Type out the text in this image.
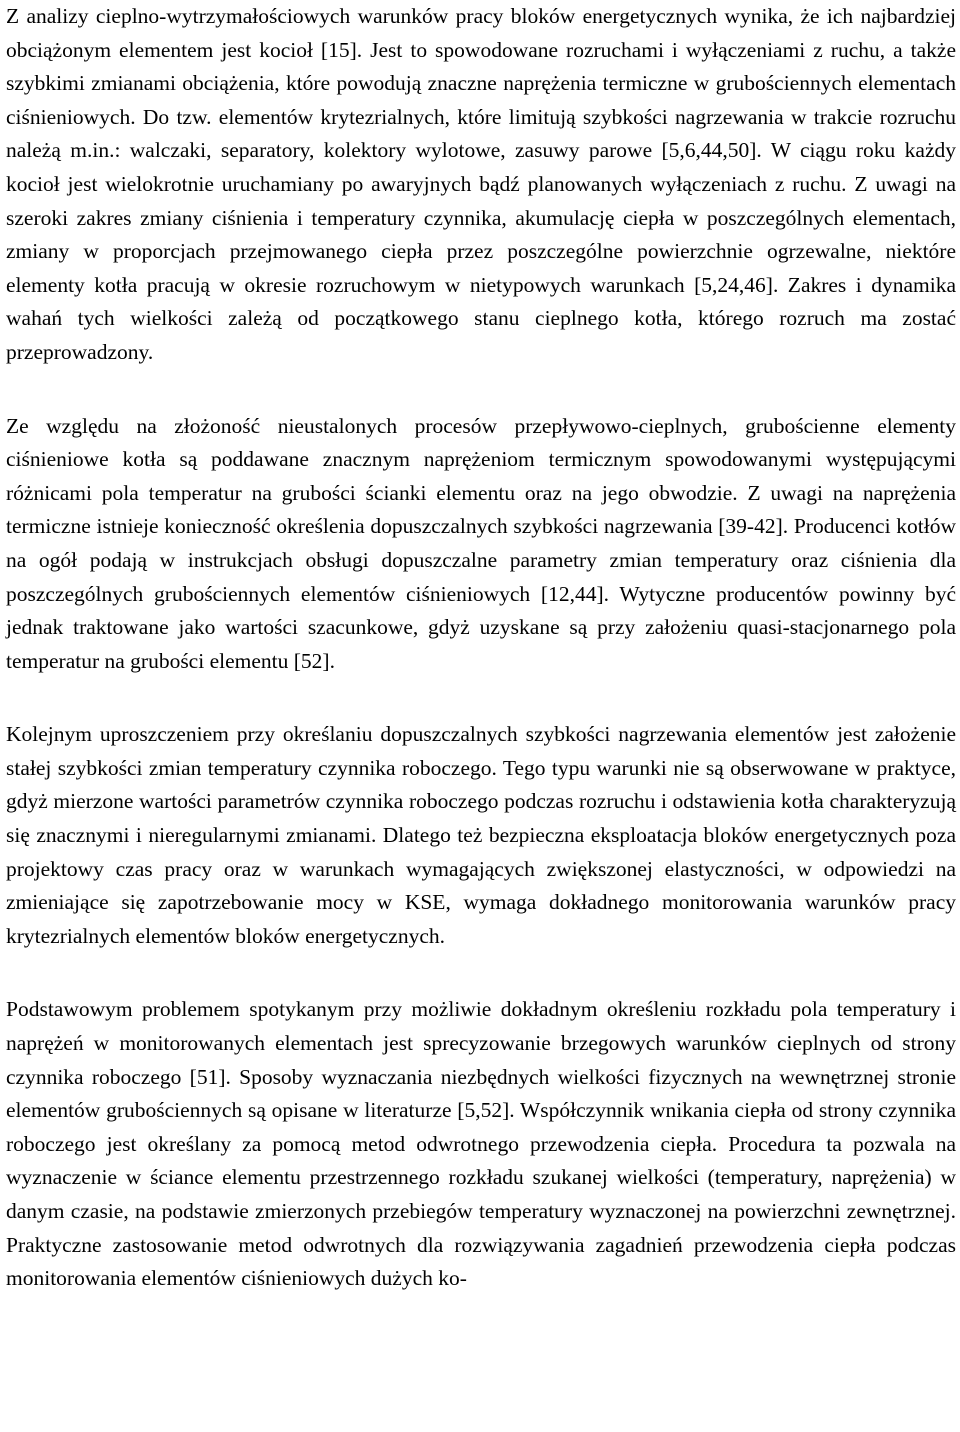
Z analizy cieplno-wytrzymałościowych warunków pracy bloków energetycznych wynika, że ich najbardziej obciążonym elementem jest kocioł [15]. Jest to spowodowane rozruchami i wyłączeniami z ruchu, a także szybkimi zmianami obciążenia, które powodują znaczne naprężenia termiczne w grubościennych elementach ciśnieniowych. Do tzw. elementów krytezrialnych, które limitują szybkości nagrzewania w trakcie rozruchu należą m.in.: walczaki, separatory, kolektory wylotowe, zasuwy parowe [5,6,44,50]. W ciągu roku każdy kocioł jest wielokrotnie uruchamiany po awaryjnych bądź planowanych wyłączeniach z ruchu. Z uwagi na szeroki zakres zmiany ciśnienia i temperatury czynnika, akumulację ciepła w poszczególnych elementach, zmiany w proporcjach przejmowanego ciepła przez poszczególne powierzchnie ogrzewalne, niektóre elementy kotła pracują w okresie rozruchowym w nietypowych warunkach [5,24,46]. Zakres i dynamika wahań tych wielkości zależą od początkowego stanu cieplnego kotła, którego rozruch ma zostać przeprowadzony.

Ze względu na złożoność nieustalonych procesów przepływowo-cieplnych, grubościenne elementy ciśnieniowe kotła są poddawane znacznym naprężeniom termicznym spowodowanymi występującymi różnicami pola temperatur na grubości ścianki elementu oraz na jego obwodzie. Z uwagi na naprężenia termiczne istnieje konieczność określenia dopuszczalnych szybkości nagrzewania [39-42]. Producenci kotłów na ogół podają w instrukcjach obsługi dopuszczalne parametry zmian temperatury oraz ciśnienia dla poszczególnych grubościennych elementów ciśnieniowych [12,44]. Wytyczne producentów powinny być jednak traktowane jako wartości szacunkowe, gdyż uzyskane są przy założeniu quasi-stacjonarnego pola temperatur na grubości elementu [52].

Kolejnym uproszczeniem przy określaniu dopuszczalnych szybkości nagrzewania elementów jest założenie stałej szybkości zmian temperatury czynnika roboczego. Tego typu warunki nie są obserwowane w praktyce, gdyż mierzone wartości parametrów czynnika roboczego podczas rozruchu i odstawienia kotła charakteryzują się znacznymi i nieregularnymi zmianami. Dlatego też bezpieczna eksploatacja bloków energetycznych poza projektowy czas pracy oraz w warunkach wymagających zwiększonej elastyczności, w odpowiedzi na zmieniające się zapotrzebowanie mocy w KSE, wymaga dokładnego monitorowania warunków pracy krytezrialnych elementów bloków energetycznych.

Podstawowym problemem spotykanym przy możliwie dokładnym określeniu rozkładu pola temperatury i naprężeń w monitorowanych elementach jest sprecyzowanie brzegowych warunków cieplnych od strony czynnika roboczego [51]. Sposoby wyznaczania niezbędnych wielkości fizycznych na wewnętrznej stronie elementów grubościennych są opisane w literaturze [5,52]. Współczynnik wnikania ciepła od strony czynnika roboczego jest określany za pomocą metod odwrotnego przewodzenia ciepła. Procedura ta pozwala na wyznaczenie w ściance elementu przestrzennego rozkładu szukanej wielkości (temperatury, naprężenia) w danym czasie, na podstawie zmierzonych przebiegów temperatury wyznaczonej na powierzchni zewnętrznej. Praktyczne zastosowanie metod odwrotnych dla rozwiązywania zagadnień przewodzenia ciepła podczas monitorowania elementów ciśnieniowych dużych ko-
